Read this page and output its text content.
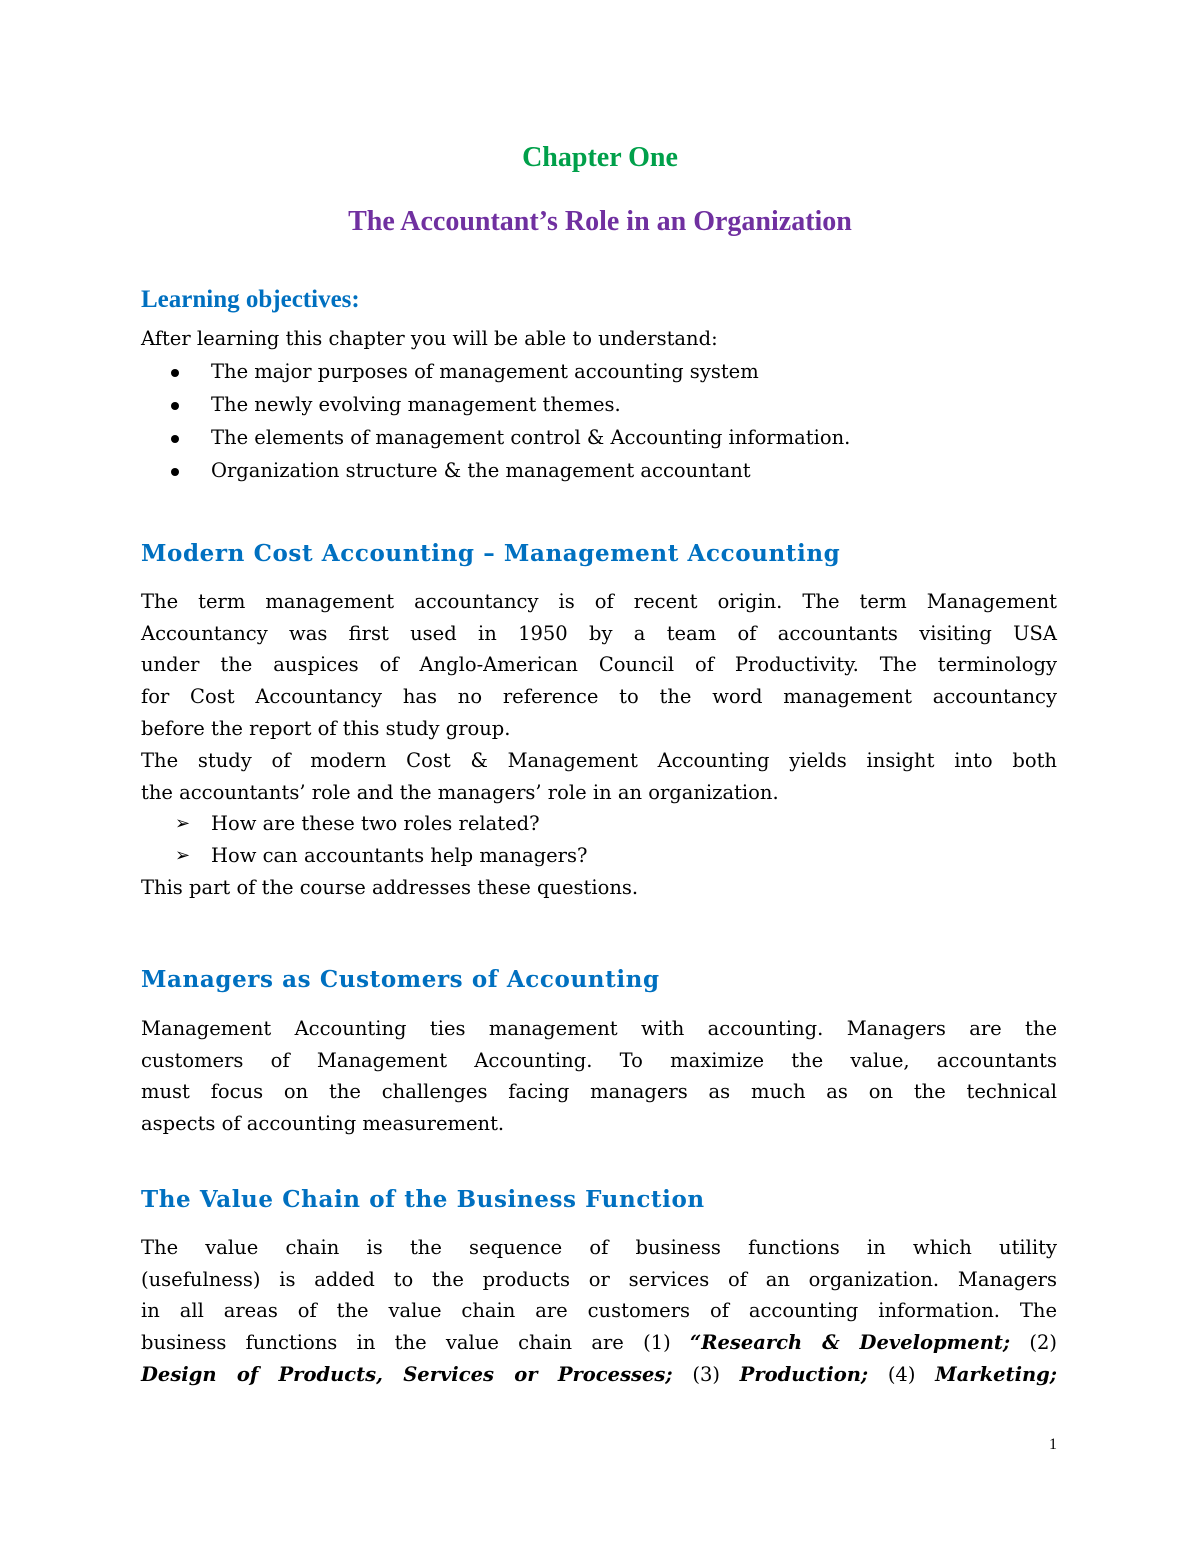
Chapter One
The Accountant’s Role in an Organization
Learning objectives:
After learning this chapter you will be able to understand:
The major purposes of management accounting system
The newly evolving management themes.
The elements of management control & Accounting information.
Organization structure & the management accountant
Modern Cost Accounting – Management Accounting
The term management accountancy is of recent origin. The term Management
Accountancy was first used in 1950 by a team of accountants visiting USA
under the auspices of Anglo-American Council of Productivity. The terminology
for Cost Accountancy has no reference to the word management accountancy
before the report of this study group.
The study of modern Cost & Management Accounting yields insight into both
the accountants’ role and the managers’ role in an organization.
➢ How are these two roles related?
➢ How can accountants help managers?
This part of the course addresses these questions.
Managers as Customers of Accounting
Management Accounting ties management with accounting. Managers are the
customers of Management Accounting. To maximize the value, accountants
must focus on the challenges facing managers as much as on the technical
aspects of accounting measurement.
The Value Chain of the Business Function
The value chain is the sequence of business functions in which utility
(usefulness) is added to the products or services of an organization. Managers
in all areas of the value chain are customers of accounting information. The
business functions in the value chain are (1) “Research & Development; (2)
Design of Products, Services or Processes; (3) Production; (4) Marketing;
1
